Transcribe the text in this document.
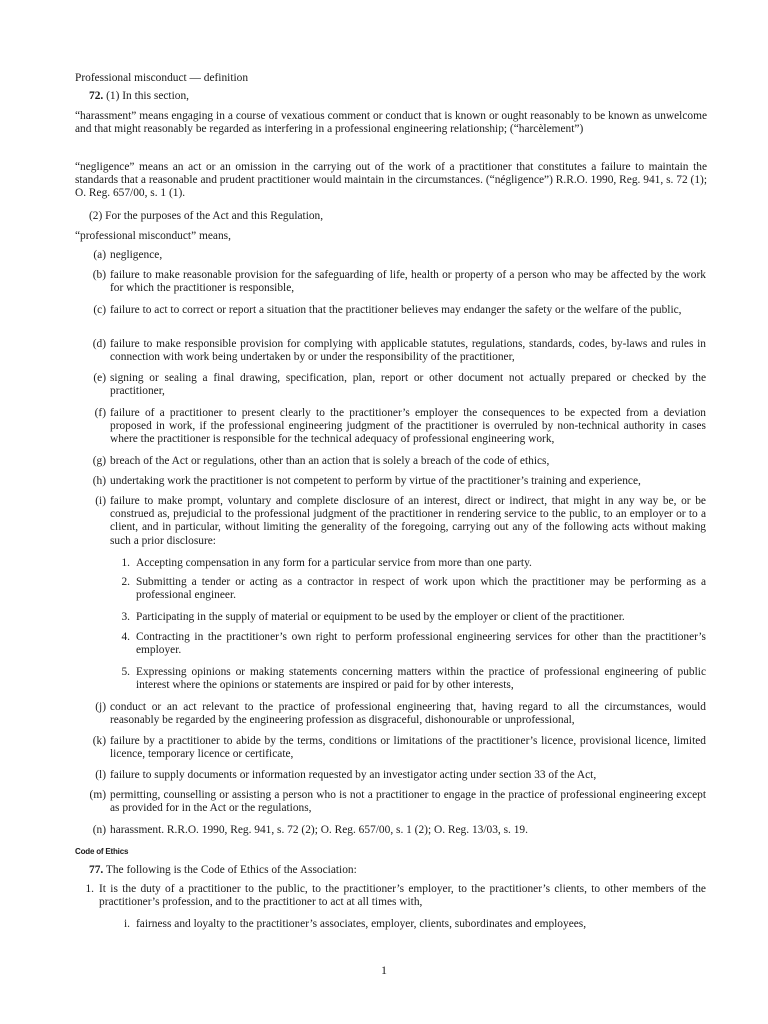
Professional misconduct — definition
72. (1) In this section,
“harassment” means engaging in a course of vexatious comment or conduct that is known or ought reasonably to be known as unwelcome and that might reasonably be regarded as interfering in a professional engineering relationship; (“harcèlement”)
“negligence” means an act or an omission in the carrying out of the work of a practitioner that constitutes a failure to maintain the standards that a reasonable and prudent practitioner would maintain in the circumstances. (“négligence”) R.R.O. 1990, Reg. 941, s. 72 (1); O. Reg. 657/00, s. 1 (1).
(2) For the purposes of the Act and this Regulation,
“professional misconduct” means,
(a) negligence,
(b) failure to make reasonable provision for the safeguarding of life, health or property of a person who may be affected by the work for which the practitioner is responsible,
(c) failure to act to correct or report a situation that the practitioner believes may endanger the safety or the welfare of the public,
(d) failure to make responsible provision for complying with applicable statutes, regulations, standards, codes, by-laws and rules in connection with work being undertaken by or under the responsibility of the practitioner,
(e) signing or sealing a final drawing, specification, plan, report or other document not actually prepared or checked by the practitioner,
(f) failure of a practitioner to present clearly to the practitioner’s employer the consequences to be expected from a deviation proposed in work, if the professional engineering judgment of the practitioner is overruled by non-technical authority in cases where the practitioner is responsible for the technical adequacy of professional engineering work,
(g) breach of the Act or regulations, other than an action that is solely a breach of the code of ethics,
(h) undertaking work the practitioner is not competent to perform by virtue of the practitioner’s training and experience,
(i) failure to make prompt, voluntary and complete disclosure of an interest, direct or indirect, that might in any way be, or be construed as, prejudicial to the professional judgment of the practitioner in rendering service to the public, to an employer or to a client, and in particular, without limiting the generality of the foregoing, carrying out any of the following acts without making such a prior disclosure:
1. Accepting compensation in any form for a particular service from more than one party.
2. Submitting a tender or acting as a contractor in respect of work upon which the practitioner may be performing as a professional engineer.
3. Participating in the supply of material or equipment to be used by the employer or client of the practitioner.
4. Contracting in the practitioner’s own right to perform professional engineering services for other than the practitioner’s employer.
5. Expressing opinions or making statements concerning matters within the practice of professional engineering of public interest where the opinions or statements are inspired or paid for by other interests,
(j) conduct or an act relevant to the practice of professional engineering that, having regard to all the circumstances, would reasonably be regarded by the engineering profession as disgraceful, dishonourable or unprofessional,
(k) failure by a practitioner to abide by the terms, conditions or limitations of the practitioner’s licence, provisional licence, limited licence, temporary licence or certificate,
(l) failure to supply documents or information requested by an investigator acting under section 33 of the Act,
(m) permitting, counselling or assisting a person who is not a practitioner to engage in the practice of professional engineering except as provided for in the Act or the regulations,
(n) harassment. R.R.O. 1990, Reg. 941, s. 72 (2); O. Reg. 657/00, s. 1 (2); O. Reg. 13/03, s. 19.
Code of Ethics
77. The following is the Code of Ethics of the Association:
1. It is the duty of a practitioner to the public, to the practitioner’s employer, to the practitioner’s clients, to other members of the practitioner’s profession, and to the practitioner to act at all times with,
i. fairness and loyalty to the practitioner’s associates, employer, clients, subordinates and employees,
1
